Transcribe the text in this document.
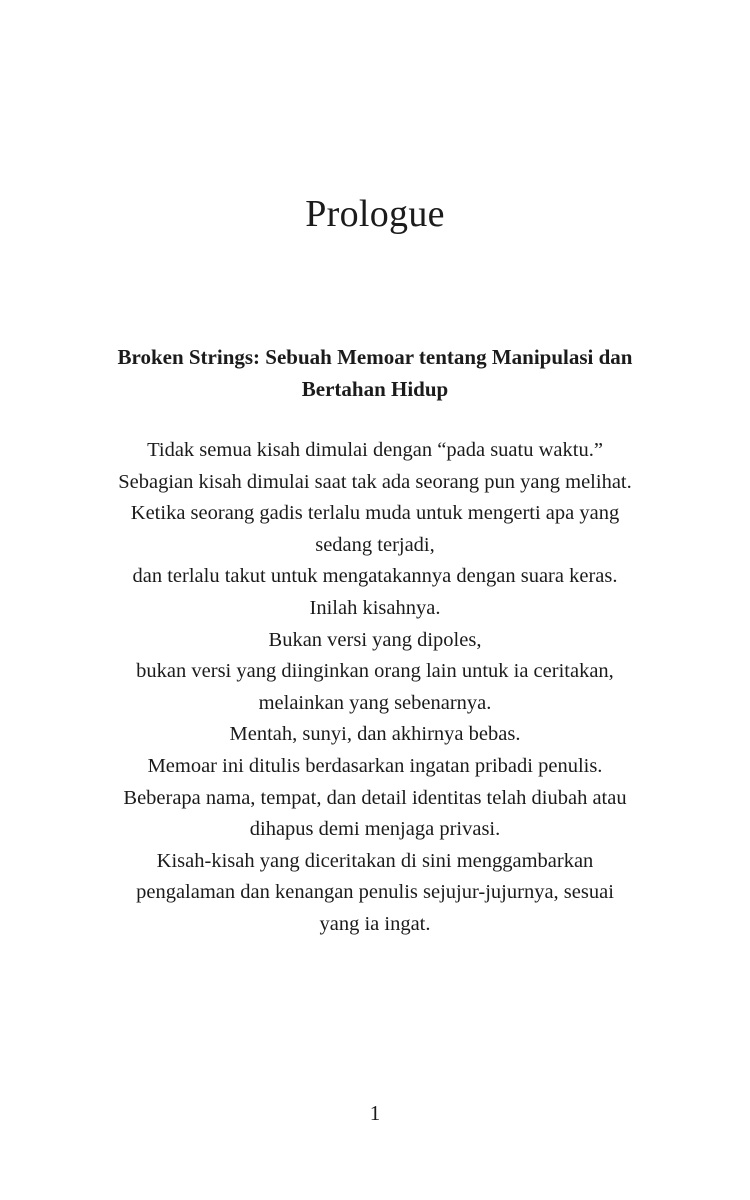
Prologue
Broken Strings: Sebuah Memoar tentang Manipulasi dan
Bertahan Hidup
Tidak semua kisah dimulai dengan “pada suatu waktu.”
Sebagian kisah dimulai saat tak ada seorang pun yang melihat.
Ketika seorang gadis terlalu muda untuk mengerti apa yang
sedang terjadi,
dan terlalu takut untuk mengatakannya dengan suara keras.
Inilah kisahnya.
Bukan versi yang dipoles,
bukan versi yang diinginkan orang lain untuk ia ceritakan,
melainkan yang sebenarnya.
Mentah, sunyi, dan akhirnya bebas.
Memoar ini ditulis berdasarkan ingatan pribadi penulis.
Beberapa nama, tempat, dan detail identitas telah diubah atau
dihapus demi menjaga privasi.
Kisah-kisah yang diceritakan di sini menggambarkan
pengalaman dan kenangan penulis sejujur-jujurnya, sesuai
yang ia ingat.
1
